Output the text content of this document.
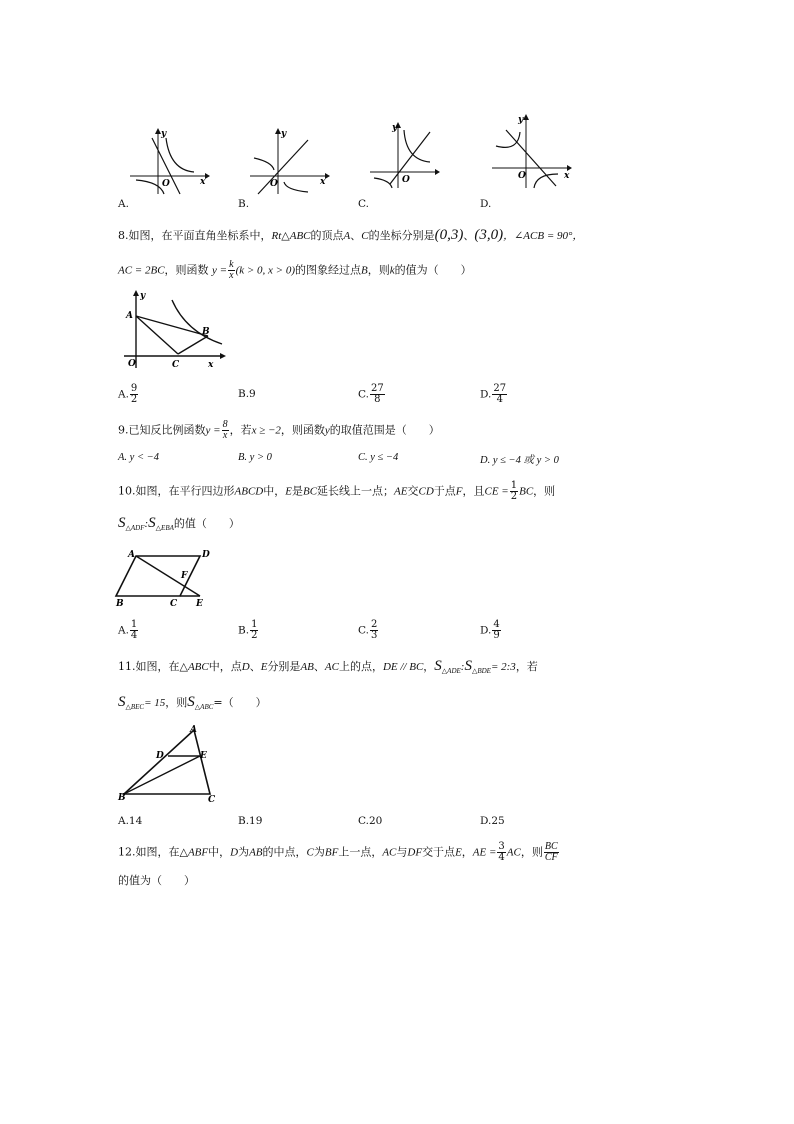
O	x
y
O	x
y
O
y
O	x
y
A.	B.	C.	D.
8.如图，在平面直角坐标系中，Rt△ABC的顶点A、C的坐标分别是(0,3)、(3,0)，∠ACB = 90°，
AC = 2BC，则函数 $y = \frac{k}{x} (k > 0$, x > 0)的图象经过点B，则k的值为（　　）
y
A
B
O	C	x
A. $\frac{9}{2}$	B.9	C. $\frac{27}{8}$	D. $\frac{27}{4}$
9.已知反比例函数$y = \frac{8}{x}$ ，若x ≥ −2，则函数y的取值范围是（　　）
A. y < −4	B. y > 0	C. y ≤ −4	D. y ≤ −4 或 y > 0
10.如图，在平行四边形ABCD中，E是BC延长线上一点；AE交CD于点F，且CE = $\frac{1}{2}$ BC，则
$S_{\triangle ADF}:S_{\triangle EBA}$的值（　　）
A	D
F
B	C E
A. $\frac{1}{4}$	B. $\frac{1}{2}$	C. $\frac{2}{3}$	D. $\frac{4}{9}$
11.如图，在△ABC中，点D、E分别是AB、AC上的点，DE // BC，$S_{\triangle ADE}:S_{\triangle BDE}=$ 2:3，若
$S_{\triangle BEC}= 15$，则$S_{\triangle ABC}=$（　　）
A
D	E
B	C
A.14	B.19	C.20	D.25
12.如图，在△ABF中，D为AB的中点，C为BF上一点，AC与DF交于点E，AE = $\frac{3}{4}$ AC，则 $\frac{BC}{CF}$
的值为（　　）
